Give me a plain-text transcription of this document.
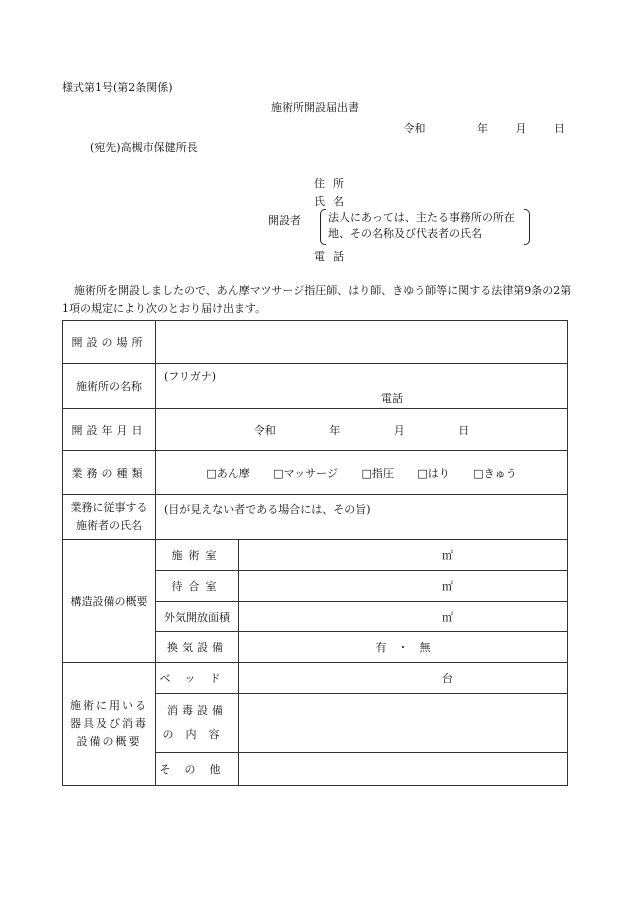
様式第1号(第2条関係)
施術所開設届出書
令和	年	月	日
(宛先)高槻市保健所長
住所
氏名
開設者 法人にあっては、主たる事務所の所在地、その名称及び代表者の氏名
電話
施術所を開設しましたので、あん摩マツサージ指圧師、はり師、きゆう師等に関する法律第9条の2第1項の規定により次のとおり届け出ます。
開設の場所		
施術所の名称	(フリガナ)
電話	

開設年月日	令和 年 月 日	
業務の種類	□あん摩 □マッサージ □指圧 □はり □きゅう	

業務に従事する
施術者の氏名	(目が見えない者である場合には、その旨)	
構造設備の概要	施術室	㎡
	待合室	㎡
	外気開放面積	㎡
	換気設備	有　・　無

施術に用いる
器具及び消毒
設備の概要	ベッド	台

	消毒設備
の内容	

	その他	
